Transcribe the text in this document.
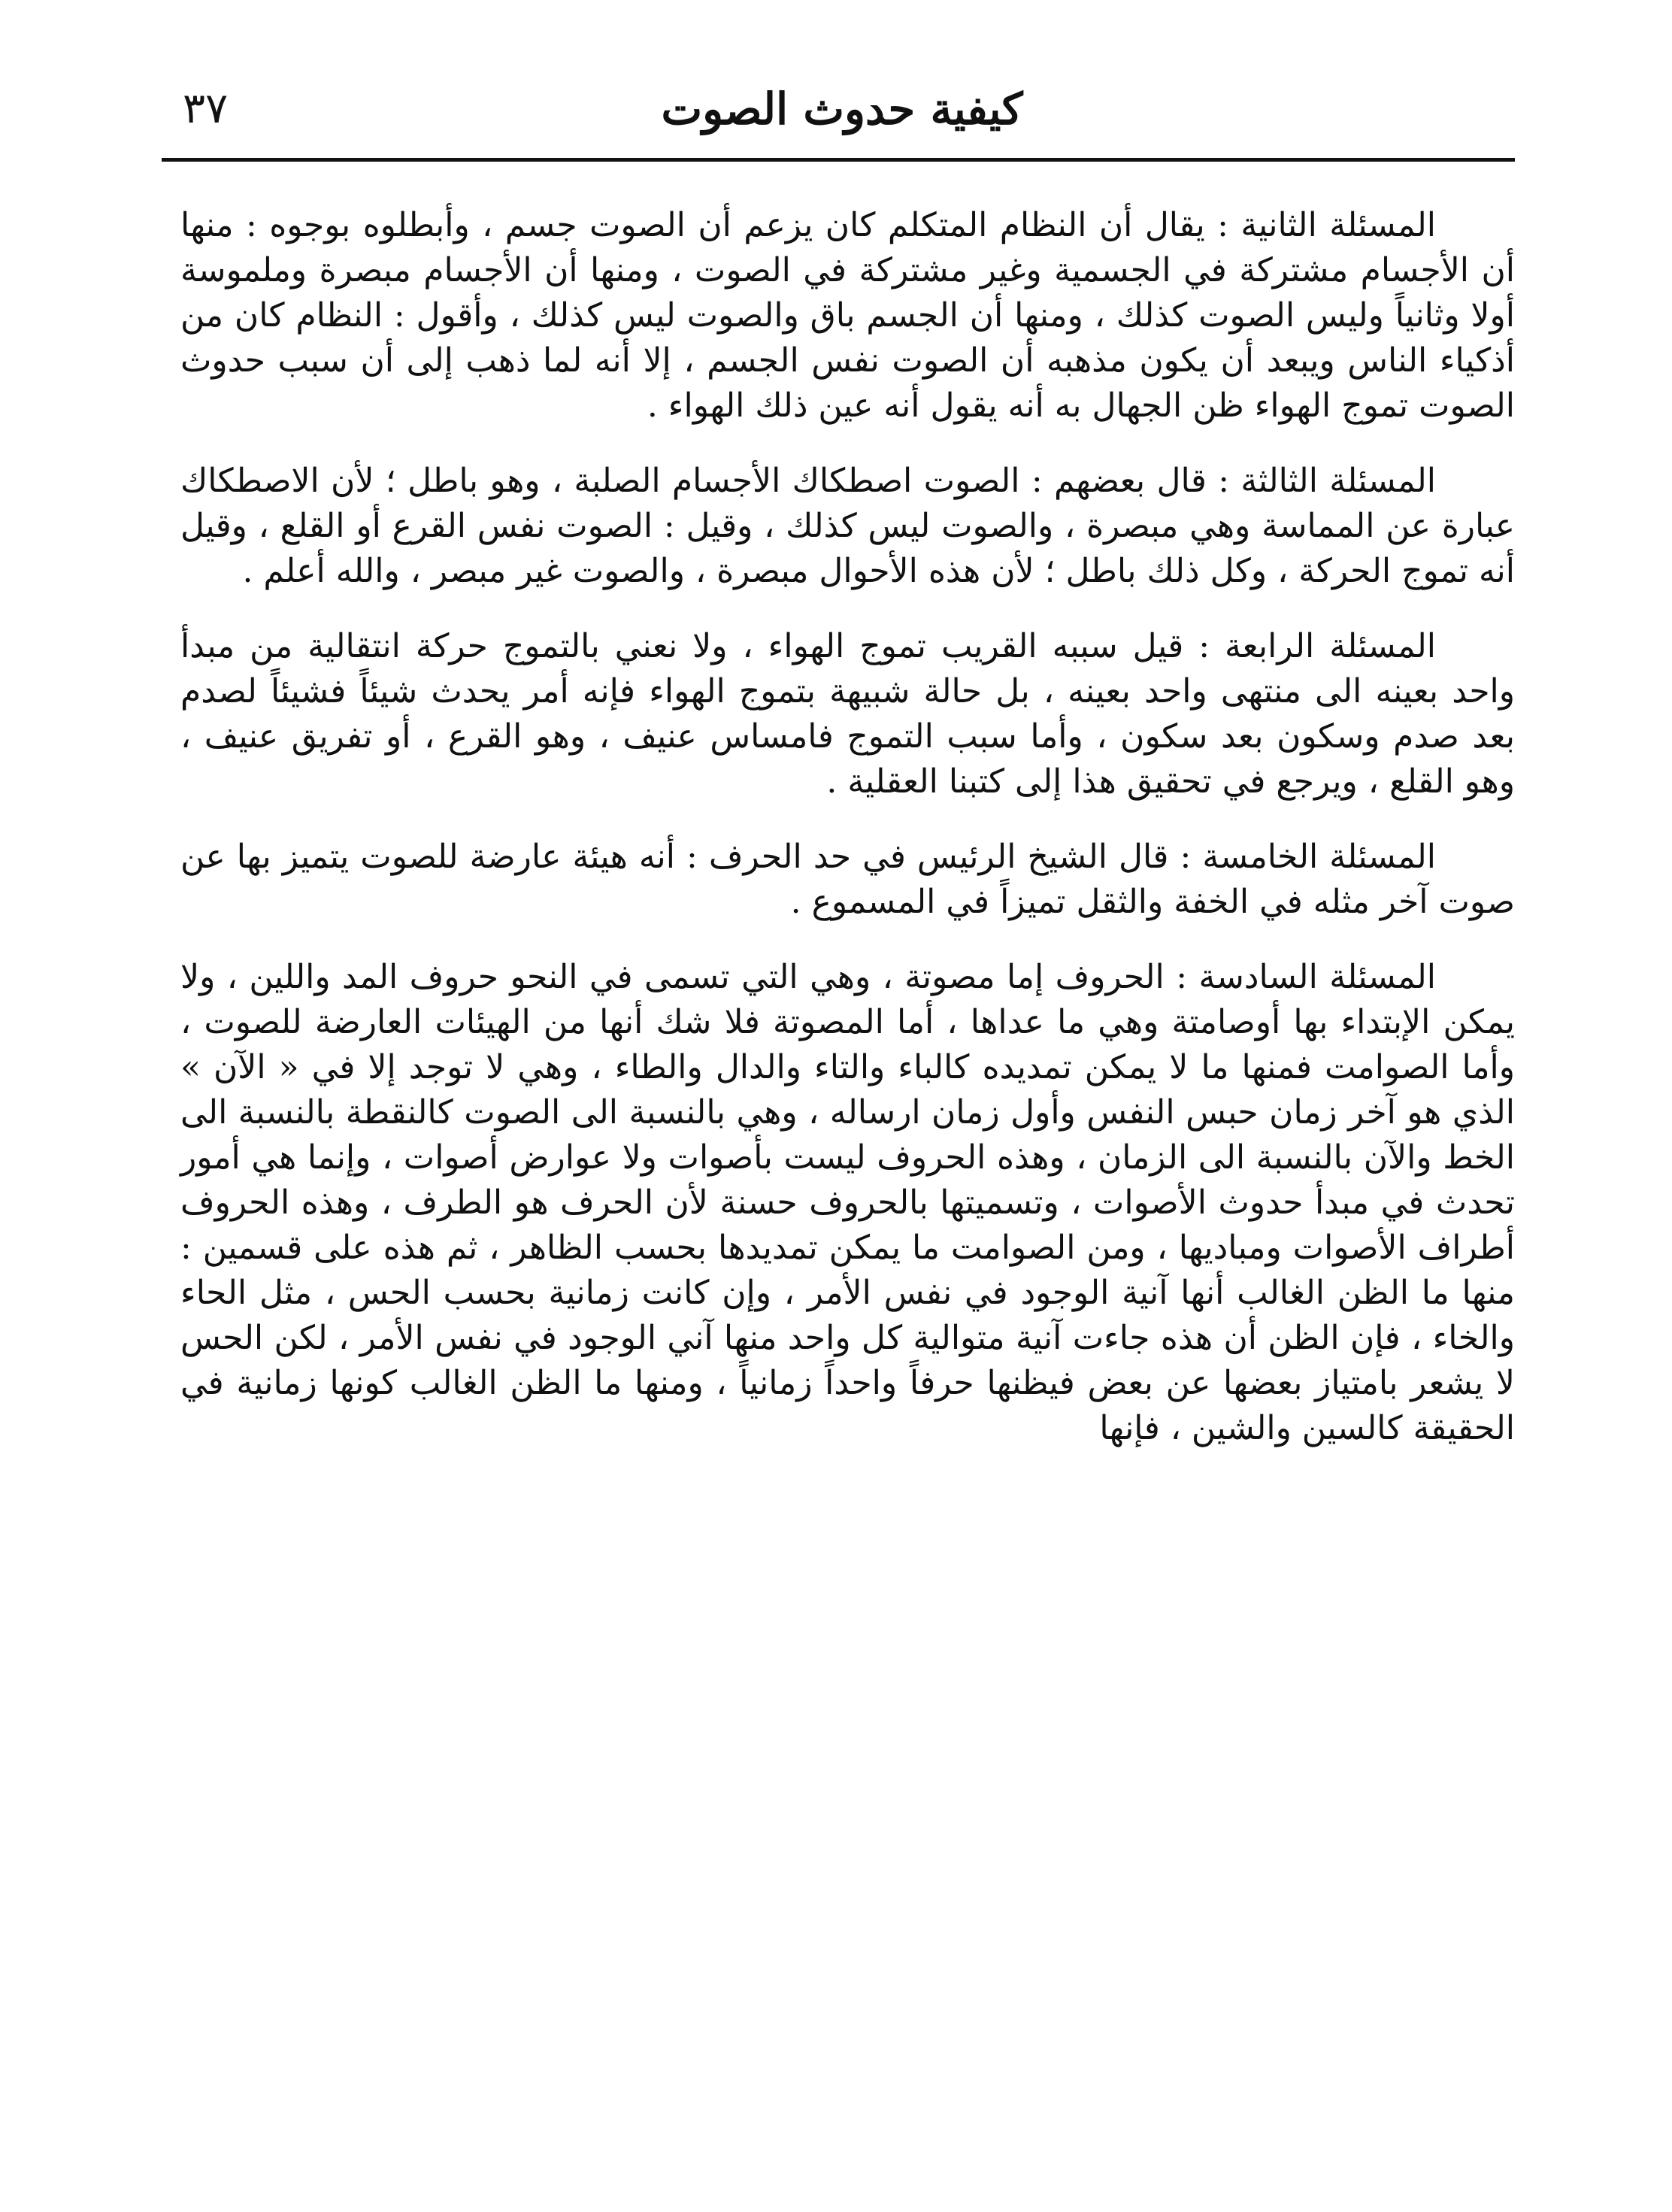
كيفية حدوث الصوت
٣٧

المسئلة الثانية : يقال أن النظام المتكلم كان يزعم أن الصوت جسم ، وأبطلوه بوجوه : منها أن الأجسام مشتركة في الجسمية وغير مشتركة في الصوت ، ومنها أن الأجسام مبصرة وملموسة أولا وثانياً وليس الصوت كذلك ، ومنها أن الجسم باق والصوت ليس كذلك ، وأقول : النظام كان من أذكياء الناس ويبعد أن يكون مذهبه أن الصوت نفس الجسم ، إلا أنه لما ذهب إلى أن سبب حدوث الصوت تموج الهواء ظن الجهال به أنه يقول أنه عين ذلك الهواء .

المسئلة الثالثة : قال بعضهم : الصوت اصطكاك الأجسام الصلبة ، وهو باطل ؛ لأن الاصطكاك عبارة عن المماسة وهي مبصرة ، والصوت ليس كذلك ، وقيل : الصوت نفس القرع أو القلع ، وقيل أنه تموج الحركة ، وكل ذلك باطل ؛ لأن هذه الأحوال مبصرة ، والصوت غير مبصر ، والله أعلم .

المسئلة الرابعة : قيل سببه القريب تموج الهواء ، ولا نعني بالتموج حركة انتقالية من مبدأ واحد بعينه الى منتهى واحد بعينه ، بل حالة شبيهة بتموج الهواء فإنه أمر يحدث شيئاً فشيئاً لصدم بعد صدم وسكون بعد سكون ، وأما سبب التموج فامساس عنيف ، وهو القرع ، أو تفريق عنيف ، وهو القلع ، ويرجع في تحقيق هذا إلى كتبنا العقلية .

المسئلة الخامسة : قال الشيخ الرئيس في حد الحرف : أنه هيئة عارضة للصوت يتميز بها عن صوت آخر مثله في الخفة والثقل تميزاً في المسموع .

المسئلة السادسة : الحروف إما مصوتة ، وهي التي تسمى في النحو حروف المد واللين ، ولا يمكن الإبتداء بها أوصامتة وهي ما عداها ، أما المصوتة فلا شك أنها من الهيئات العارضة للصوت ، وأما الصوامت فمنها ما لا يمكن تمديده كالباء والتاء والدال والطاء ، وهي لا توجد إلا في « الآن » الذي هو آخر زمان حبس النفس وأول زمان ارساله ، وهي بالنسبة الى الصوت كالنقطة بالنسبة الى الخط والآن بالنسبة الى الزمان ، وهذه الحروف ليست بأصوات ولا عوارض أصوات ، وإنما هي أمور تحدث في مبدأ حدوث الأصوات ، وتسميتها بالحروف حسنة لأن الحرف هو الطرف ، وهذه الحروف أطراف الأصوات ومباديها ، ومن الصوامت ما يمكن تمديدها بحسب الظاهر ، ثم هذه على قسمين : منها ما الظن الغالب أنها آنية الوجود في نفس الأمر ، وإن كانت زمانية بحسب الحس ، مثل الحاء والخاء ، فإن الظن أن هذه جاءت آنية متوالية كل واحد منها آني الوجود في نفس الأمر ، لكن الحس لا يشعر بامتياز بعضها عن بعض فيظنها حرفاً واحداً زمانياً ، ومنها ما الظن الغالب كونها زمانية في الحقيقة كالسين والشين ، فإنها
